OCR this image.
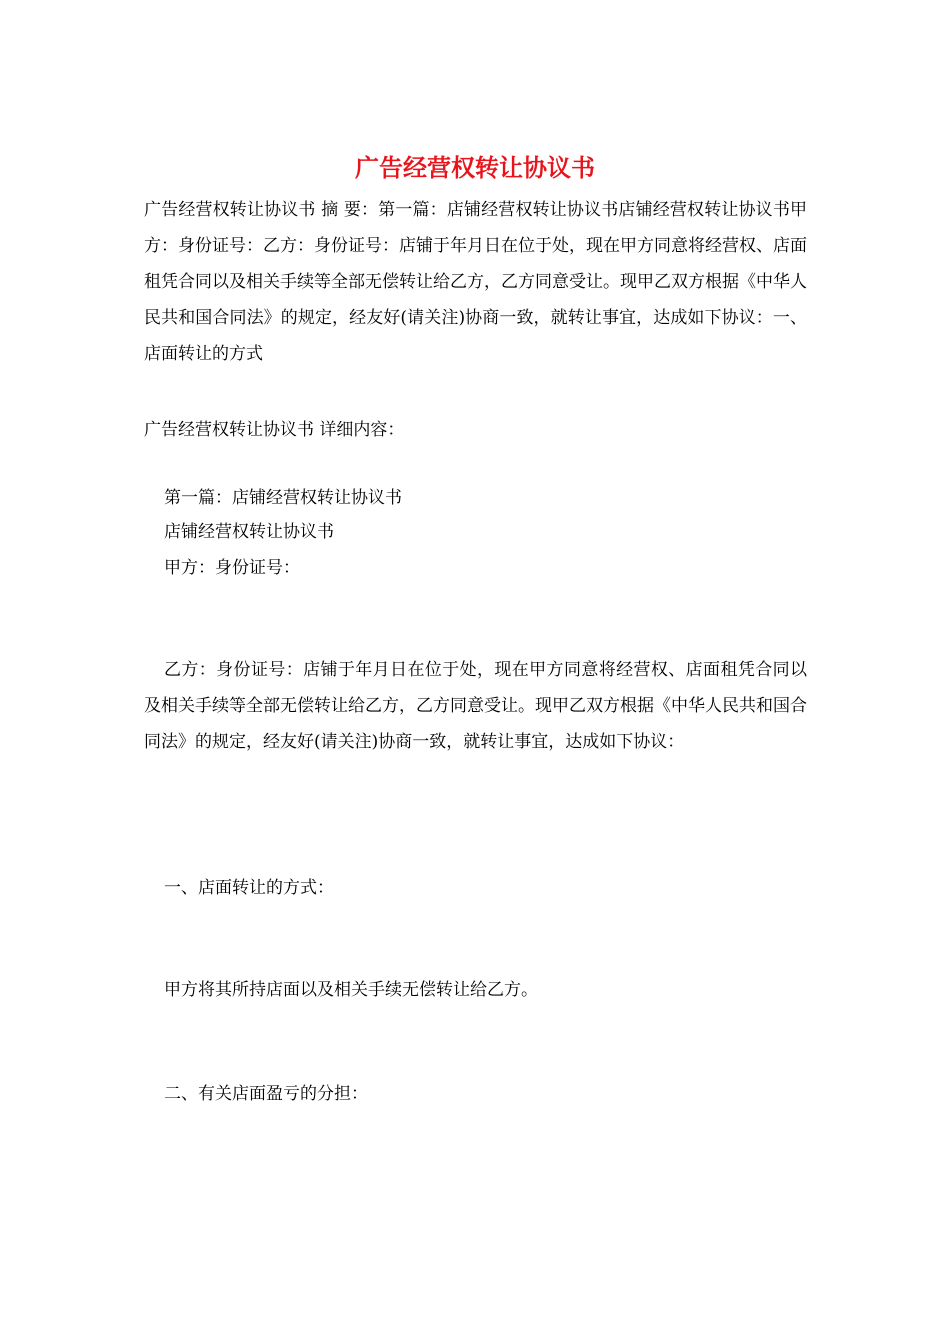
广告经营权转让协议书

广告经营权转让协议书 摘 要：第一篇：店铺经营权转让协议书店铺经营权转让协议书甲方：身份证号：乙方：身份证号：店铺于年月日在位于处，现在甲方同意将经营权、店面租凭合同以及相关手续等全部无偿转让给乙方，乙方同意受让。现甲乙双方根据《中华人民共和国合同法》的规定，经友好(请关注)协商一致，就转让事宜，达成如下协议：一、店面转让的方式

广告经营权转让协议书 详细内容：

第一篇：店铺经营权转让协议书

店铺经营权转让协议书

甲方：身份证号：

乙方：身份证号：店铺于年月日在位于处，现在甲方同意将经营权、店面租凭合同以及相关手续等全部无偿转让给乙方，乙方同意受让。现甲乙双方根据《中华人民共和国合同法》的规定，经友好(请关注)协商一致，就转让事宜，达成如下协议：

一、店面转让的方式：

甲方将其所持店面以及相关手续无偿转让给乙方。

二、有关店面盈亏的分担：
